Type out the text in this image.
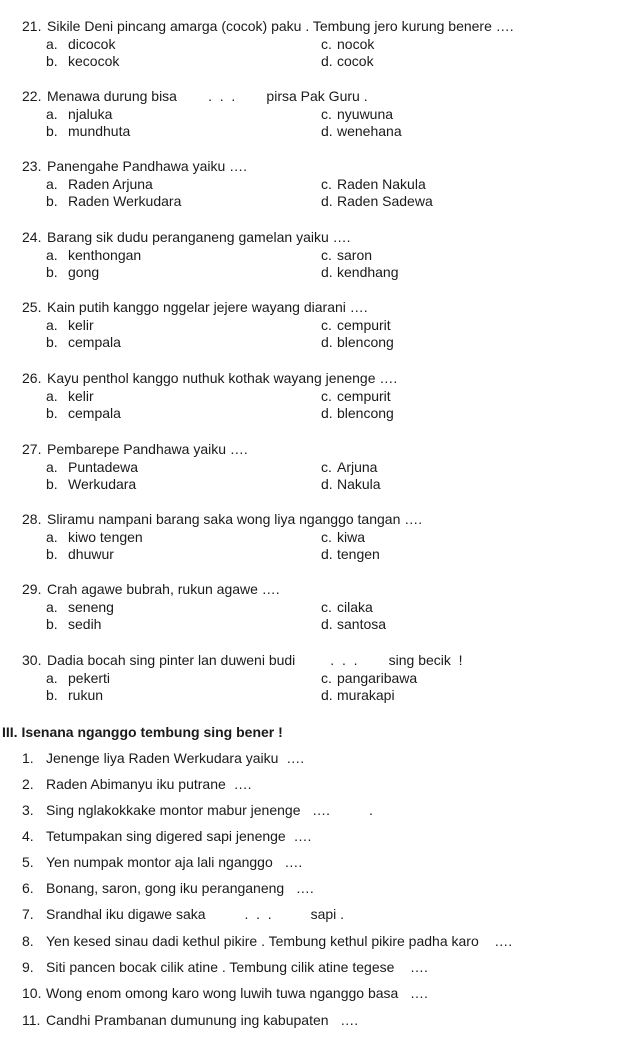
21. Sikile Deni pincang amarga (cocok) paku . Tembung jero kurung benere ….
a. dicocok	c. nocok
b. kecocok	d. cocok
22. Menawa durung bisa        .  .  .        pirsa Pak Guru .
a. njaluka	c. nyuwuna
b. mundhuta	d. wenehana
23. Panengahe Pandhawa yaiku ….
a. Raden Arjuna	c. Raden Nakula
b. Raden Werkudara	d. Raden Sadewa
24. Barang sik dudu peranganeng gamelan yaiku ….
a. kenthongan	c. saron
b. gong	d. kendhang
25. Kain putih kanggo nggelar jejere wayang diarani ….
a. kelir	c. cempurit
b. cempala	d. blencong
26. Kayu penthol kanggo nuthuk kothak wayang jenenge ….
a. kelir	c. cempurit
b. cempala	d. blencong
27. Pembarepe Pandhawa yaiku ….
a. Puntadewa	c. Arjuna
b. Werkudara	d. Nakula
28. Sliramu nampani barang saka wong liya nganggo tangan ….
a. kiwo tengen	c. kiwa
b. dhuwur	d. tengen
29. Crah agawe bubrah, rukun agawe ….
a. seneng	c. cilaka
b. sedih	d. santosa
30. Dadia bocah sing pinter lan duweni budi         .  .  .        sing becik  !
a. pekerti	c. pangaribawa
b. rukun	d. murakapi
III. Isenana nganggo tembung sing bener !
1. Jenenge liya Raden Werkudara yaiku  ….
2. Raden Abimanyu iku putrane  ….
3. Sing nglakokkake montor mabur jenenge   ….          .
4. Tetumpakan sing digered sapi jenenge  ….
5. Yen numpak montor aja lali nganggo   ….
6. Bonang, saron, gong iku peranganeng   ….
7. Srandhal iku digawe saka          .  .  .          sapi .
8. Yen kesed sinau dadi kethul pikire . Tembung kethul pikire padha karo    ….
9. Siti pancen bocak cilik atine . Tembung cilik atine tegese    ….
10. Wong enom omong karo wong luwih tuwa nganggo basa   ….
11. Candhi Prambanan dumunung ing kabupaten   ….
